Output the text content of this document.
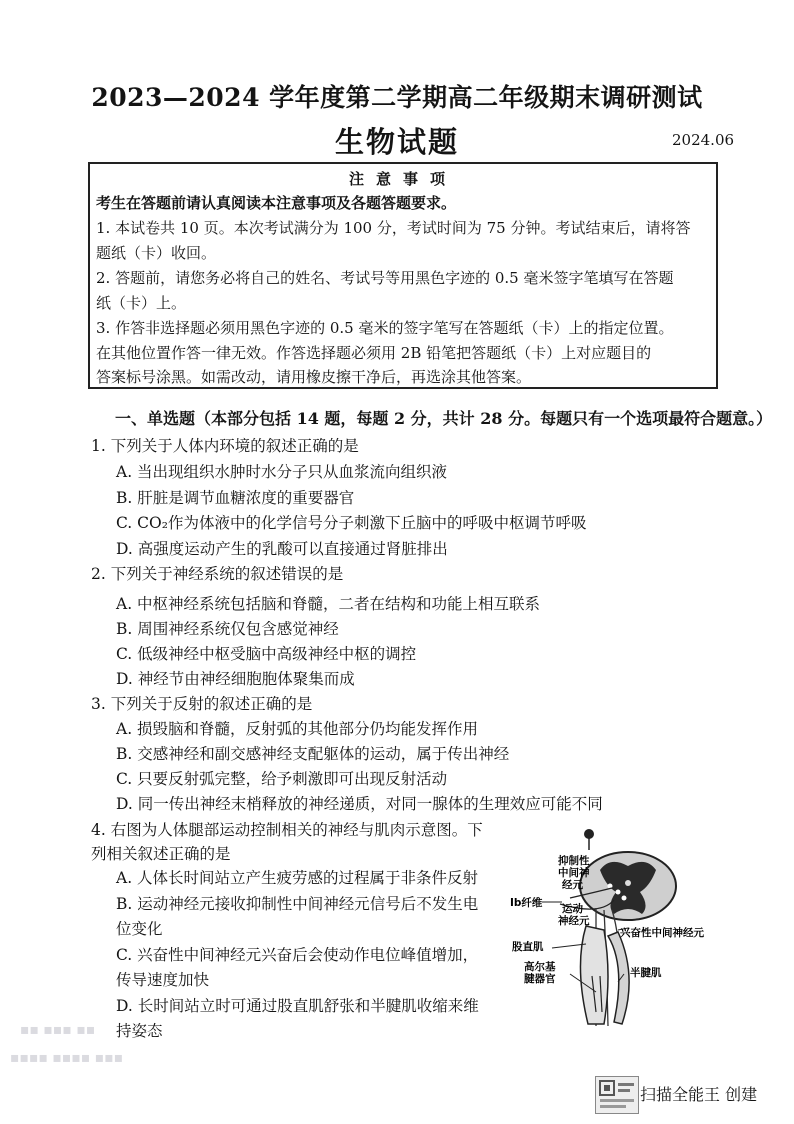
2023—2024 学年度第二学期高二年级期末调研测试
生物试题	2024.06
注意事项
考生在答题前请认真阅读本注意事项及各题答题要求。
1. 本试卷共 10 页。本次考试满分为 100 分，考试时间为 75 分钟。考试结束后，请将答
题纸（卡）收回。
2. 答题前，请您务必将自己的姓名、考试号等用黑色字迹的 0.5 毫米签字笔填写在答题
纸（卡）上。
3. 作答非选择题必须用黑色字迹的 0.5 毫米的签字笔写在答题纸（卡）上的指定位置。
在其他位置作答一律无效。作答选择题必须用 2B 铅笔把答题纸（卡）上对应题目的
答案标号涂黑。如需改动，请用橡皮擦干净后，再选涂其他答案。
一、单选题（本部分包括 14 题，每题 2 分，共计 28 分。每题只有一个选项最符合题意。）
1. 下列关于人体内环境的叙述正确的是
A. 当出现组织水肿时水分子只从血浆流向组织液
B. 肝脏是调节血糖浓度的重要器官
C. CO₂作为体液中的化学信号分子刺激下丘脑中的呼吸中枢调节呼吸
D. 高强度运动产生的乳酸可以直接通过肾脏排出
2. 下列关于神经系统的叙述错误的是
A. 中枢神经系统包括脑和脊髓，二者在结构和功能上相互联系
B. 周围神经系统仅包含感觉神经
C. 低级神经中枢受脑中高级神经中枢的调控
D. 神经节由神经细胞胞体聚集而成
3. 下列关于反射的叙述正确的是
A. 损毁脑和脊髓，反射弧的其他部分仍均能发挥作用
B. 交感神经和副交感神经支配躯体的运动，属于传出神经
C. 只要反射弧完整，给予刺激即可出现反射活动
D. 同一传出神经末梢释放的神经递质，对同一腺体的生理效应可能不同
4. 右图为人体腿部运动控制相关的神经与肌肉示意图。下
列相关叙述正确的是
A. 人体长时间站立产生疲劳感的过程属于非条件反射
B. 运动神经元接收抑制性中间神经元信号后不发生电
位变化
C. 兴奋性中间神经元兴奋后会使动作电位峰值增加，
传导速度加快
D. 长时间站立时可通过股直肌舒张和半腱肌收缩来维
持姿态
抑制性
中间神
经元
Ib纤维 运动
神经元
兴奋性中间神经元
股直肌
高尔基
腱器官	半腱肌
▪▪ ▪▪▪ ▪▪
▪▪▪▪ ▪▪▪▪ ▪▪▪
扫描全能王 创建
